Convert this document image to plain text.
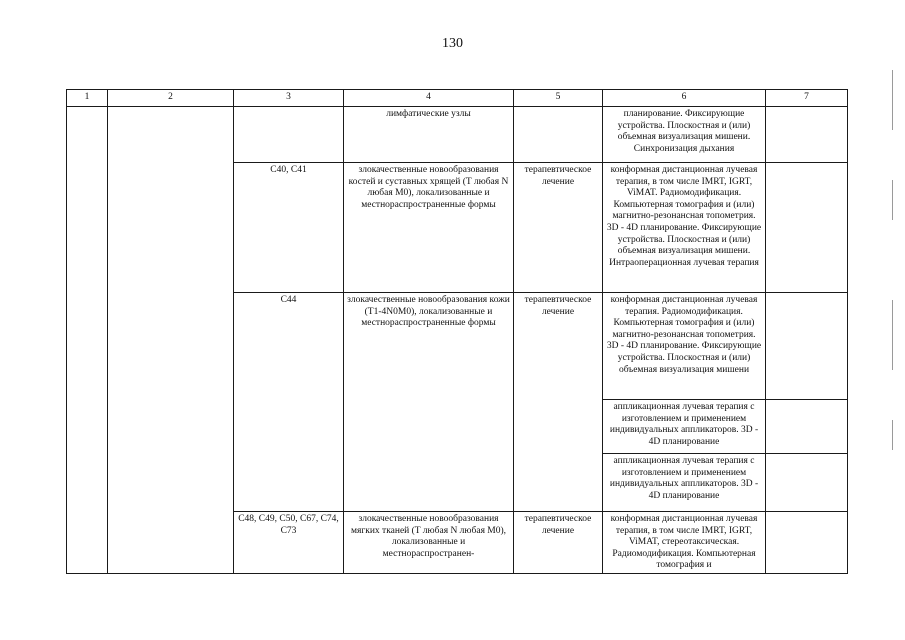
130
1	2	3	4	5	6	7
			лимфатические узлы		планирование. Фиксирующие устройства. Плоскостная и (или) объемная визуализация мишени. Синхронизация дыхания	
		C40, C41	злокачественные новообразования костей и суставных хрящей (T любая N любая M0), локализованные и местнораспространенные формы	терапевтическое лечение	конформная дистанционная лучевая терапия, в том числе IMRT, IGRT, ViMAT. Радиомодификация. Компьютерная томография и (или) магнитно-резонансная топометрия. 3D - 4D планирование. Фиксирующие устройства. Плоскостная и (или) объемная визуализация мишени. Интраоперационная лучевая терапия	
		C44	злокачественные новообразования кожи (T1-4N0M0), локализованные и местнораспространенные формы	терапевтическое лечение	конформная дистанционная лучевая терапия. Радиомодификация. Компьютерная томография и (или) магнитно-резонансная топометрия. 3D - 4D планирование. Фиксирующие устройства. Плоскостная и (или) объемная визуализация мишени	
					аппликационная лучевая терапия с изготовлением и применением индивидуальных аппликаторов. 3D - 4D планирование	
					аппликационная лучевая терапия с изготовлением и применением индивидуальных аппликаторов. 3D - 4D планирование	
		C48, C49, C50, C67, C74, C73	злокачественные новообразования мягких тканей (T любая N любая M0), локализованные и местнораспространен-	терапевтическое лечение	конформная дистанционная лучевая терапия, в том числе IMRT, IGRT, ViMAT, стереотаксическая. Радиомодификация. Компьютерная томография и	
